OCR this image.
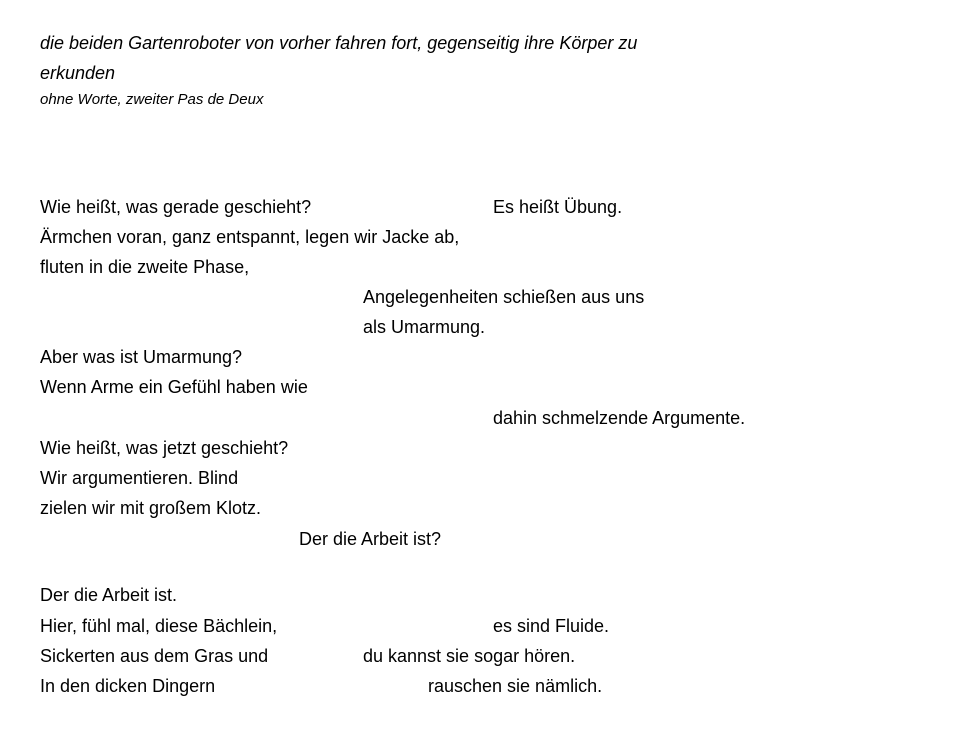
die beiden Gartenroboter von vorher fahren fort, gegenseitig ihre Körper zu
erkunden
ohne Worte, zweiter Pas de Deux
Wie heißt, was gerade geschieht?	Es heißt Übung.
Ärmchen voran, ganz entspannt, legen wir Jacke ab,
fluten in die zweite Phase,
Angelegenheiten schießen aus uns
als Umarmung.
Aber was ist Umarmung?
Wenn Arme ein Gefühl haben wie
dahin schmelzende Argumente.
Wie heißt, was jetzt geschieht?
Wir argumentieren. Blind
zielen wir mit großem Klotz.
Der die Arbeit ist?
Der die Arbeit ist.
Hier, fühl mal, diese Bächlein,	es sind Fluide.
Sickerten aus dem Gras und	du kannst sie sogar hören.
In den dicken Dingern	rauschen sie nämlich.
